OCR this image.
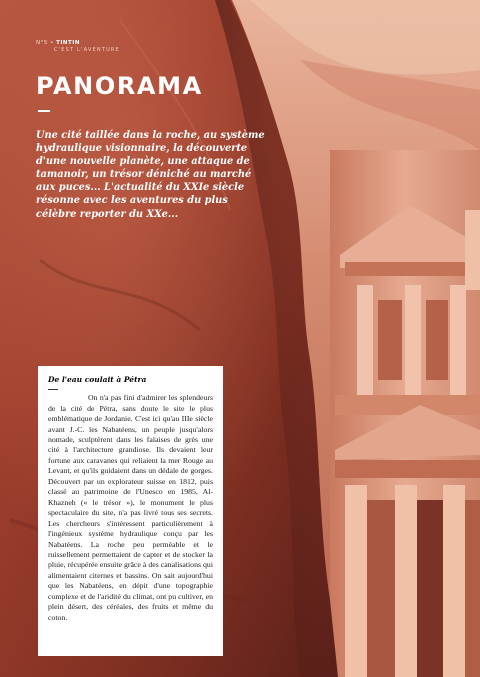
N°5 • TINTIN
C'EST L'AVENTURE
PANORAMA

Une cité taillée dans la roche, au système hydraulique visionnaire, la découverte d'une nouvelle planète, une attaque de tamanoir, un trésor déniché au marché aux puces... L'actualité du XXIe siècle résonne avec les aventures du plus célèbre reporter du XXe...

De l'eau coulait à Pétra

On n'a pas fini d'admirer les splendeurs de la cité de Pétra, sans doute le site le plus emblématique de Jordanie. C'est ici qu'au IIIe siècle avant J.-C. les Nabatéens, un peuple jusqu'alors nomade, sculptèrent dans les falaises de grès une cité à l'architecture grandiose. Ils devaient leur fortune aux caravanes qui reliaient la mer Rouge au Levant, et qu'ils guidaient dans un dédale de gorges. Découvert par un explorateur suisse en 1812, puis classé au patrimoine de l'Unesco en 1985, Al-Khazneh (« le trésor »), le monument le plus spectaculaire du site, n'a pas livré tous ses secrets. Les chercheurs s'intéressent particulièrement à l'ingénieux système hydraulique conçu par les Nabatéens. La roche peu perméable et le ruissellement permettaient de capter et de stocker la pluie, récupérée ensuite grâce à des canalisations qui alimentaient citernes et bassins. On sait aujourd'hui que les Nabatéens, en dépit d'une topographie complexe et de l'aridité du climat, ont pu cultiver, en plein désert, des céréales, des fruits et même du coton.
